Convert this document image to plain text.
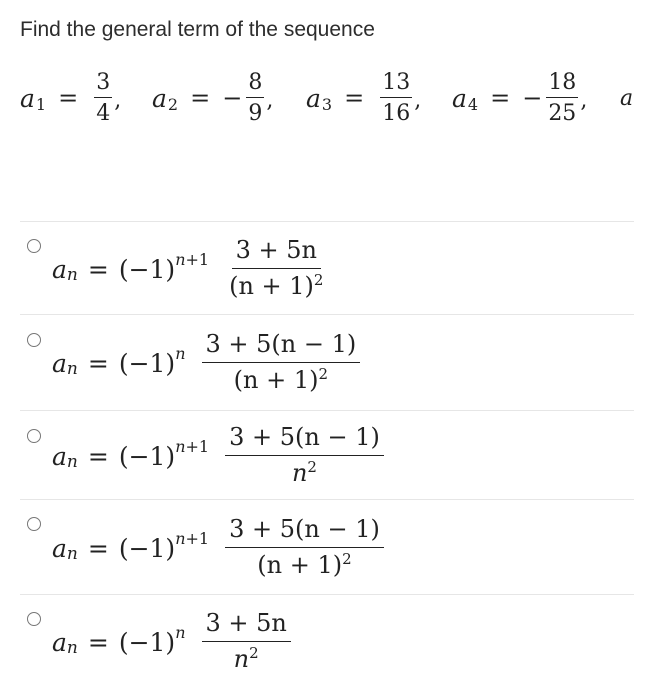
Find the general term of the sequence
a $1 = \frac{3}{4}$ , a 2 = − $\frac{8}{9}$ , a $3 = \frac{13}{16}$ , a 4 = − $\frac{18}{25}$ , a
a n = (−1) $n+1 \frac{3 + 5n}{(n + 1)^2}$
a n = (−1) n $\frac{3 + 5(n - 1)}{(n + 1)^2}$
a n = (−1) $n+1 \frac{3 + 5(n - 1)}{n^2}$
a n = (−1) $n+1 \frac{3 + 5(n - 1)}{(n + 1)^2}$
a n = (−1) n $\frac{3 + 5n}{n^2}$
